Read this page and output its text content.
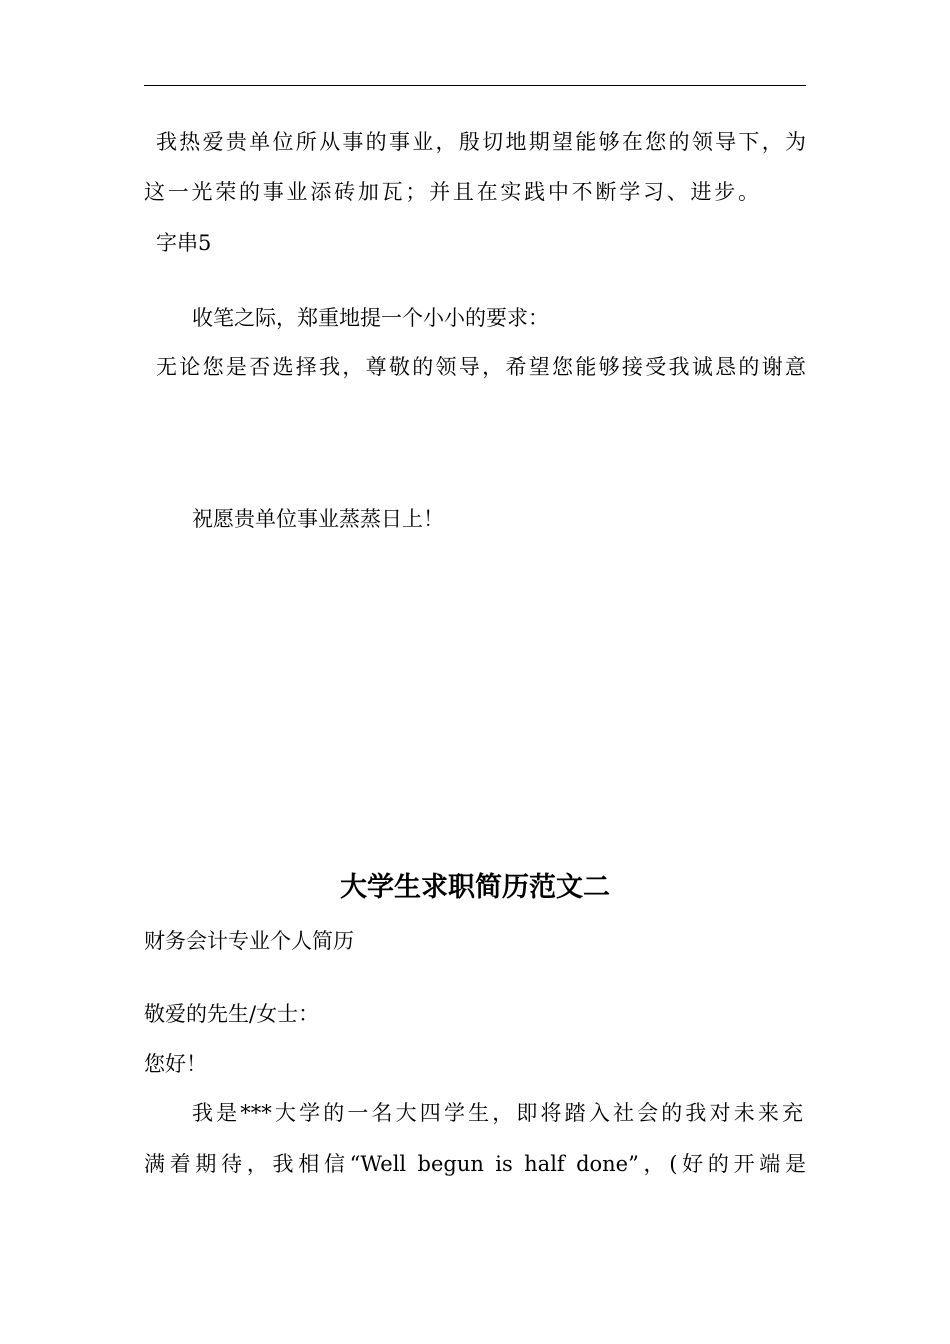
我热爱贵单位所从事的事业，殷切地期望能够在您的领导下，为
这一光荣的事业添砖加瓦；并且在实践中不断学习、进步。
字串5
收笔之际，郑重地提一个小小的要求：
无论您是否选择我，尊敬的领导，希望您能够接受我诚恳的谢意
祝愿贵单位事业蒸蒸日上！
大学生求职简历范文二
财务会计专业个人简历
敬爱的先生/女士：
您好！
我是***大学的一名大四学生，即将踏入社会的我对未来充
满着期待，我相信“Well begun is half done”，(好的开端是
